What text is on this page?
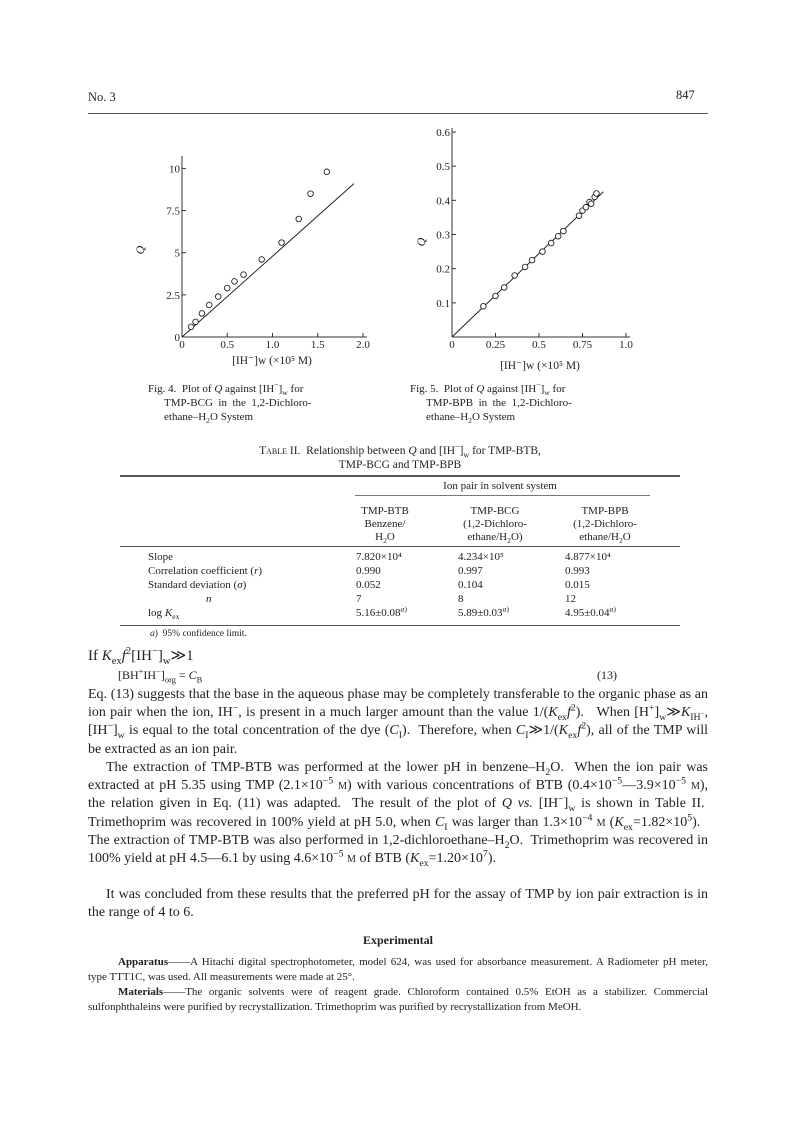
No. 3	847
0	0.5	1.0	1.5	2.0
0
2.5
5
7.5
10
[IH⁻]w (×10⁵ M)
Q
0	0.25 0.5 0.75 1.0
0.1
0.2
0.3
0.4
0.5
0.6
[IH⁻]w (×10⁵ M)
Q
Fig. 4.  Plot of Q against $[IH^-]_w$ for
TMP-BCG  in  the  1,2-Dichloro-
ethane–$H_2O$ System
Fig. 5.  Plot of Q against $[IH^-]_w$ for
TMP-BPB  in  the  1,2-Dichloro-
ethane–$H_2O$ System
Table II.  Relationship between Q and $[IH^-]_w$ for TMP-BTB,
TMP-BCG and TMP-BPB
Ion pair in solvent system
TMP-BTB
Benzene/
$H_2O$
TMP-BCG
(1,2-Dichloro-
ethane/$H_2O$)
TMP-BPB
(1,2-Dichloro-
ethane/$H_2O$
Slope	7.820×10⁴	4.234×10⁵	4.877×10⁴
Correlation coefficient (r)	0.990	0.997	0.993
Standard deviation (σ)	0.052	0.104	0.015
n	7	8	12
$\log K_{ex}$	$5.16\pm 0.08^{a)}$	$5.89\pm 0.03^{a)}$	$4.95\pm 0.04^{a)}$
a)  95% confidence limit.
If $K_{ex}f^2[IH^-]_w≫1$
$[BH^+IH^-]_{org} = C_B$	(13)
Eq. (13) suggests that the base in the aqueous phase may be completely transferable to the organic phase as an ion pair when the ion, IH−, is present in a much larger amount than the value $1/(K_{ex}f^2)$.   When $[H^+]_w≫K_{IH^-}$, $[IH^-]_w$ is equal to the total concentration of the dye $(C_I)$.  Therefore, when $C_I≫1/(K_{ex}f^2)$, all of the TMP will be extracted as an ion pair.
The extraction of TMP-BTB was performed at the lower pH in benzene–$H_2O$.  When the ion pair was extracted at pH 5.35 using TMP ($2.1\times 10^{-5}$ m) with various concentrations of BTB ($0.4\times 10^{-5}—3.9\times 10^{-5}$ m), the relation given in Eq. (11) was adapted.  The result of the plot of Q vs. $[IH^-]_w$ is shown in Table II.  Trimethoprim was recovered in 100% yield at pH 5.0, when $C_I$ was larger than $1.3\times 10^{-4}$ m $(K_{ex}=1.82\times 10^5)$.   The extraction of TMP-BTB was also performed in $1,2-dichloroethane-H_2O$.  Trimethoprim was recovered in 100% yield at pH 4.5—6.1 by using $4.6\times 10^{-5}$ m of BTB $(K_{ex}=1.20\times 10^7)$.
It was concluded from these results that the preferred pH for the assay of TMP by ion pair extraction is in the range of 4 to 6.
Experimental
Apparatus——A Hitachi digital spectrophotometer, model 624, was used for absorbance measurement. A Radiometer pH meter, type TTT1C, was used. All measurements were made at 25°.
Materials——The organic solvents were of reagent grade. Chloroform contained 0.5% EtOH as a stabilizer. Commercial sulfonphthaleins were purified by recrystallization. Trimethoprim was purified by recrystallization from MeOH.
